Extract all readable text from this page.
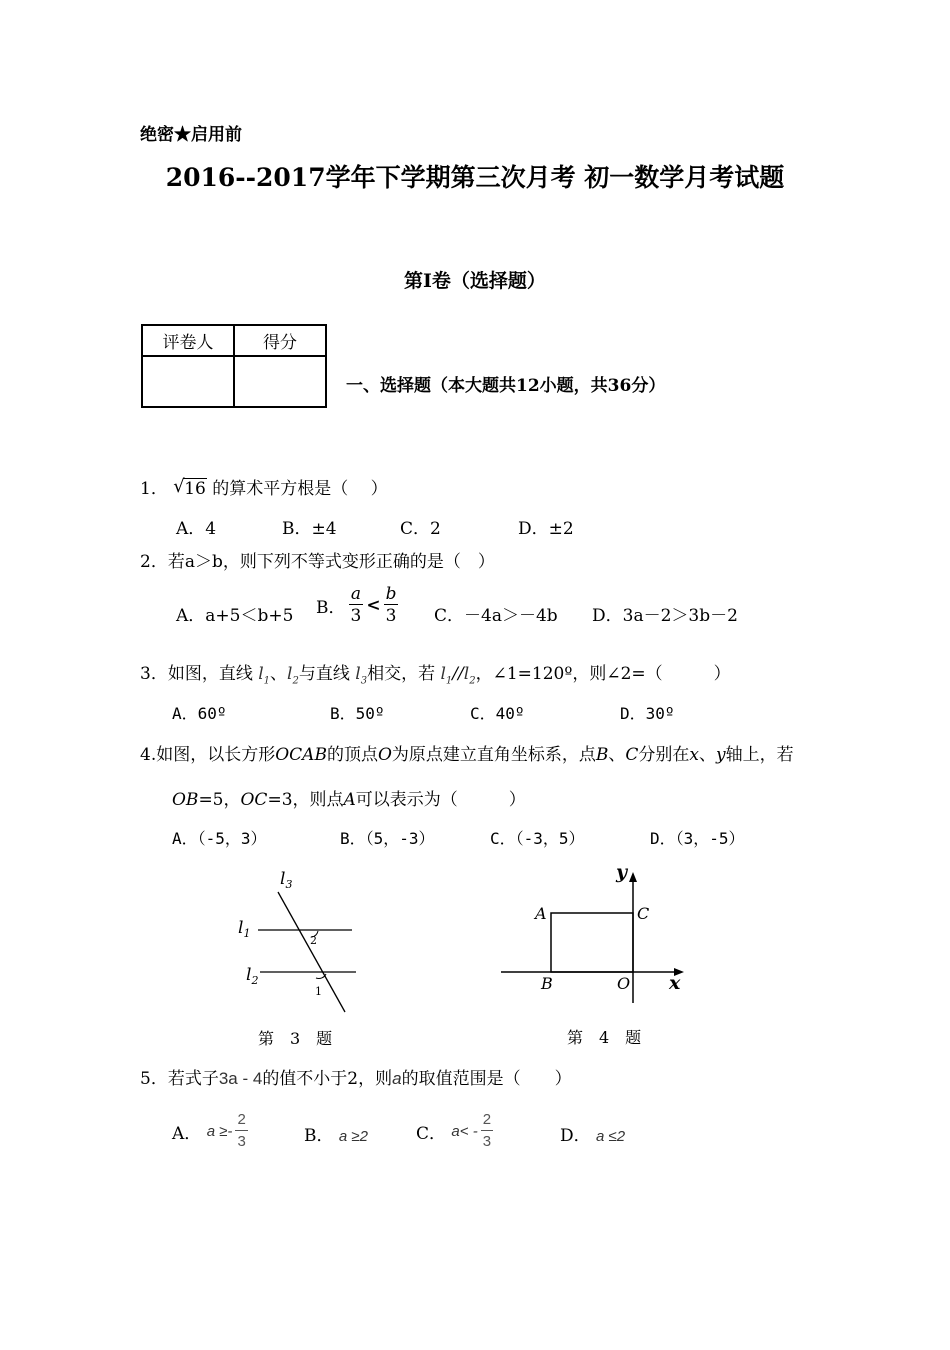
绝密★启用前
2016--2017学年下学期第三次月考 初一数学月考试题
第Ⅰ卷（选择题）
评卷人	得分

一、选择题（本大题共12小题，共36分）
1． √ 16 的算术平方根是（　 ）
A．4	B．±4	C．2	D．±2
2．若a＞b，则下列不等式变形正确的是（　）
A．a+5＜b+5 B． $\frac{a}{3} < \frac{b}{3}$ C．－4a＞－4b D．3a－2＞3b－2
3．如图，直线 $l_1$、$l_2$与直线 $l_3$相交，若 $l_1//l_2$，∠1=120º，则∠2=（　　　）
A．60º	B．50º	C．40º	D．30º
4.如图，以长方形OCAB的顶点O为原点建立直角坐标系，点B、C分别在x、y轴上，若
OB=5，OC=3，则点A可以表示为（　　　）
A．（-5，3）	B．（5，-3）	C．（-3，5）	D．（3，-5）
$l_3$
$l_1$
$l_2$
2
1
第　3　题
y
x
A	C
B	O
第　4　题
5．若式子3a - 4的值不小于2，则a的取值范围是（　　）
A． $a \ge- \frac{2}{3}$	B． a ≥2	C． $a< - \frac{2}{3}$	D． a ≤2
